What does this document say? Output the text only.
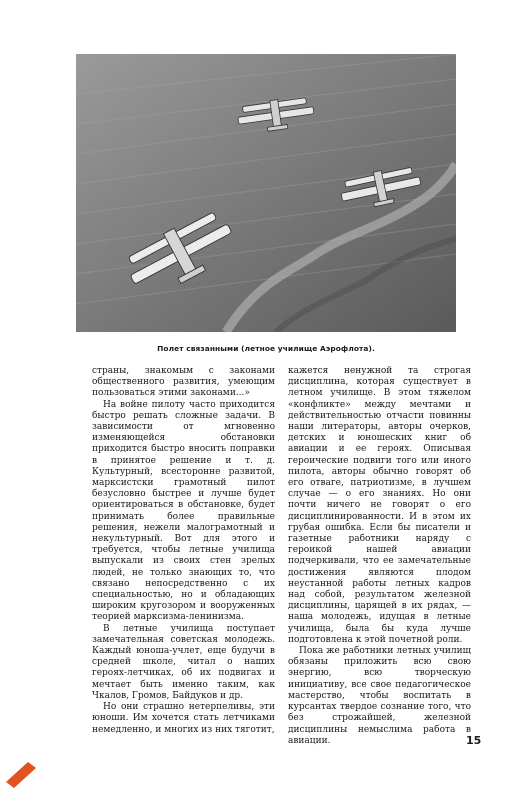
Полет связанными (летное училище Аэрофлота).

страны, знакомым с законами общественного развития, умеющим пользоваться этими законами...»

На войне пилоту часто приходится быстро решать сложные задачи. В зависимости от мгновенно изменяющейся обстановки приходится быстро вносить поправки в принятое решение и т. д. Культурный, всесторонне развитой, марксистски грамотный пилот безусловно быстрее и лучше будет ориентироваться в обстановке, будет принимать более правильные решения, нежели малограмотный и некультурный. Вот для этого и требуется, чтобы летные училища выпускали из своих стен зрелых людей, не только знающих то, что связано непосредственно с их специальностью, но и обладающих широким кругозором и вооруженных теорией марксизма-ленинизма.

В летные училища поступает замечательная советская молодежь. Каждый юноша-учлет, еще будучи в средней школе, читал о наших героях-летчиках, об их подвигах и мечтает быть именно таким, как Чкалов, Громов, Байдуков и др.

Но они страшно нетерпеливы, эти юноши. Им хочется стать летчиками немедленно, и многих из них тяготит,

кажется ненужной та строгая дисциплина, которая существует в летном училище. В этом тяжелом «конфликте» между мечтами и действительностью отчасти повинны наши литераторы, авторы очерков, детских и юношеских книг об авиации и ее героях. Описывая героические подвиги того или иного пилота, авторы обычно говорят об его отваге, патриотизме, в лучшем случае — о его знаниях. Но они почти ничего не говорят о его дисциплинированности. И в этом их грубая ошибка. Если бы писатели и газетные работники наряду с героикой нашей авиации подчеркивали, что ее замечательные достижения являются плодом неустанной работы летных кадров над собой, результатом железной дисциплины, царящей в их рядах, — наша молодежь, идущая в летные училища, была бы куда лучше подготовлена к этой почетной роли.

Пока же работники летных училищ обязаны приложить всю свою энергию, всю творческую инициативу, все свое педагогическое мастерство, чтобы воспитать в курсантах твердое сознание того, что без строжайшей, железной дисциплины немыслима работа в авиации.	15
